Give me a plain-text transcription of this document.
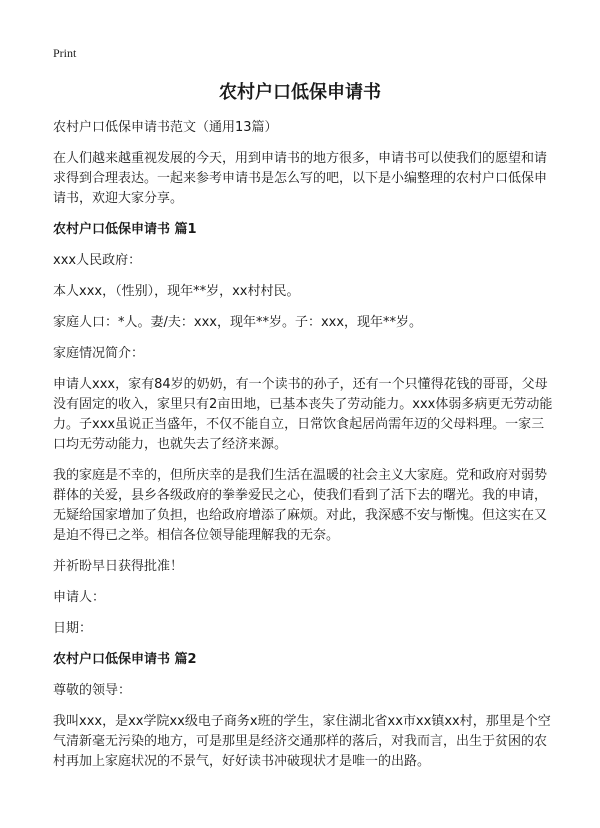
Print
农村户口低保申请书

农村户口低保申请书范文（通用13篇）

在人们越来越重视发展的今天，用到申请书的地方很多，申请书可以使我们的愿望和请求得到合理表达。一起来参考申请书是怎么写的吧，以下是小编整理的农村户口低保申请书，欢迎大家分享。

农村户口低保申请书 篇1

xxx人民政府：

本人xxx，（性别），现年**岁，xx村村民。

家庭人口：*人。妻/夫：xxx，现年**岁。子：xxx，现年**岁。

家庭情况简介：

申请人xxx，家有84岁的奶奶，有一个读书的孙子，还有一个只懂得花钱的哥哥，父母没有固定的收入，家里只有2亩田地，已基本丧失了劳动能力。xxx体弱多病更无劳动能力。子xxx虽说正当盛年，不仅不能自立，日常饮食起居尚需年迈的父母料理。一家三口均无劳动能力，也就失去了经济来源。

我的家庭是不幸的，但所庆幸的是我们生活在温暖的社会主义大家庭。党和政府对弱势群体的关爱，县乡各级政府的拳拳爱民之心，使我们看到了活下去的曙光。我的申请，无疑给国家增加了负担，也给政府增添了麻烦。对此，我深感不安与惭愧。但这实在又是迫不得已之举。相信各位领导能理解我的无奈。

并祈盼早日获得批准！

申请人：

日期：

农村户口低保申请书 篇2

尊敬的领导：

我叫xxx，是xx学院xx级电子商务x班的学生，家住湖北省xx市xx镇xx村，那里是个空气清新毫无污染的地方，可是那里是经济交通那样的落后，对我而言，出生于贫困的农村再加上家庭状况的不景气，好好读书冲破现状才是唯一的出路。
